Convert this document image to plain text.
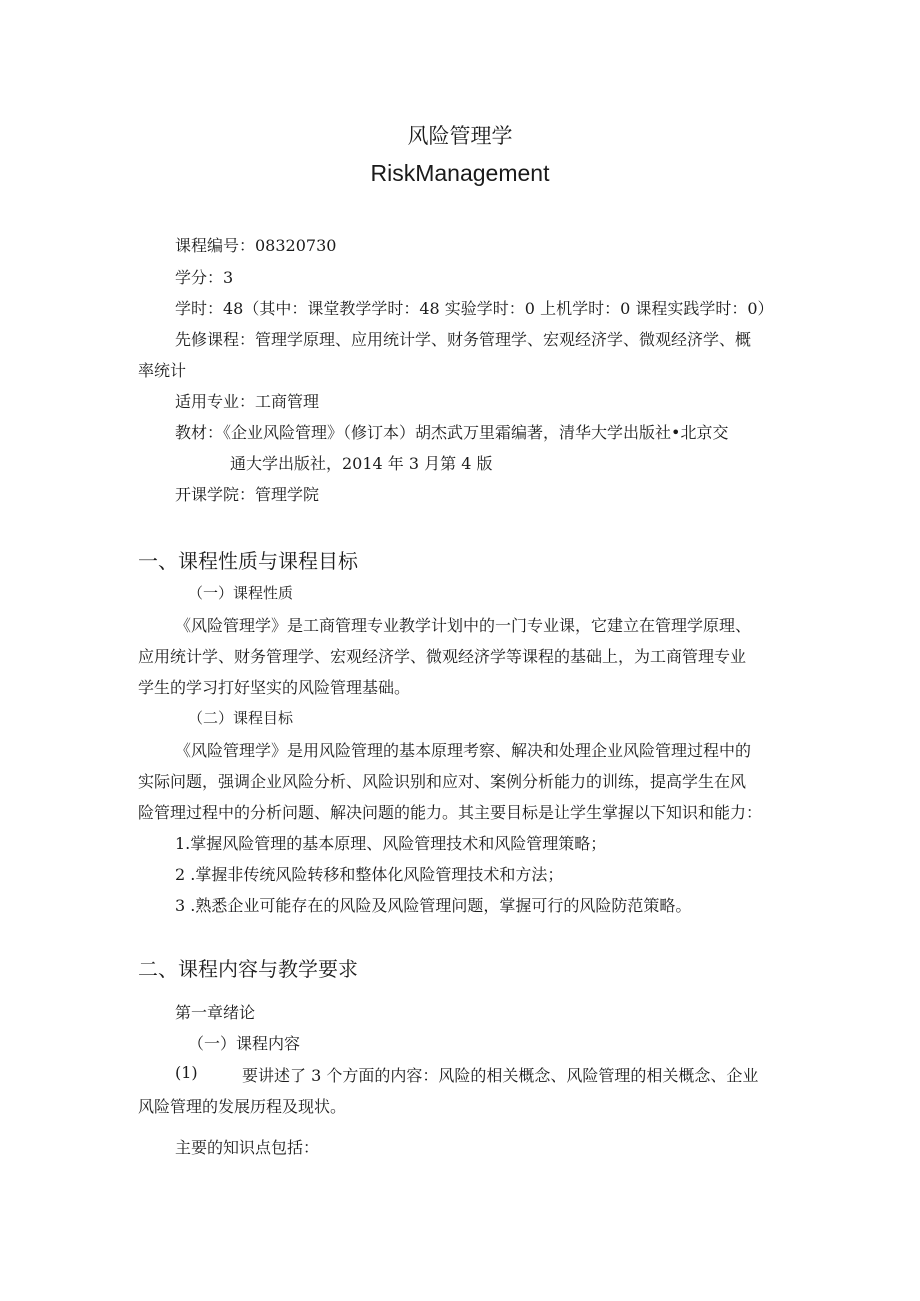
风险管理学
RiskManagement
课程编号：08320730
学分：3
学时：48（其中：课堂教学学时：48 实验学时：0 上机学时：0 课程实践学时：0）
先修课程：管理学原理、应用统计学、财务管理学、宏观经济学、微观经济学、概
率统计
适用专业：工商管理
教材：《企业风险管理》（修订本）胡杰武万里霜编著，清华大学出版社•北京交
通大学出版社，2014 年 3 月第 4 版
开课学院：管理学院
一、课程性质与课程目标
（一）课程性质
《风险管理学》是工商管理专业教学计划中的一门专业课，它建立在管理学原理、
应用统计学、财务管理学、宏观经济学、微观经济学等课程的基础上，为工商管理专业
学生的学习打好坚实的风险管理基础。
（二）课程目标
《风险管理学》是用风险管理的基本原理考察、解决和处理企业风险管理过程中的
实际问题，强调企业风险分析、风险识别和应对、案例分析能力的训练，提高学生在风
险管理过程中的分析问题、解决问题的能力。其主要目标是让学生掌握以下知识和能力：
1.掌握风险管理的基本原理、风险管理技术和风险管理策略；
2 .掌握非传统风险转移和整体化风险管理技术和方法；
3 .熟悉企业可能存在的风险及风险管理问题，掌握可行的风险防范策略。
二、课程内容与教学要求
第一章绪论
（一）课程内容
(1)	要讲述了 3 个方面的内容：风险的相关概念、风险管理的相关概念、企业
风险管理的发展历程及现状。
主要的知识点包括：
